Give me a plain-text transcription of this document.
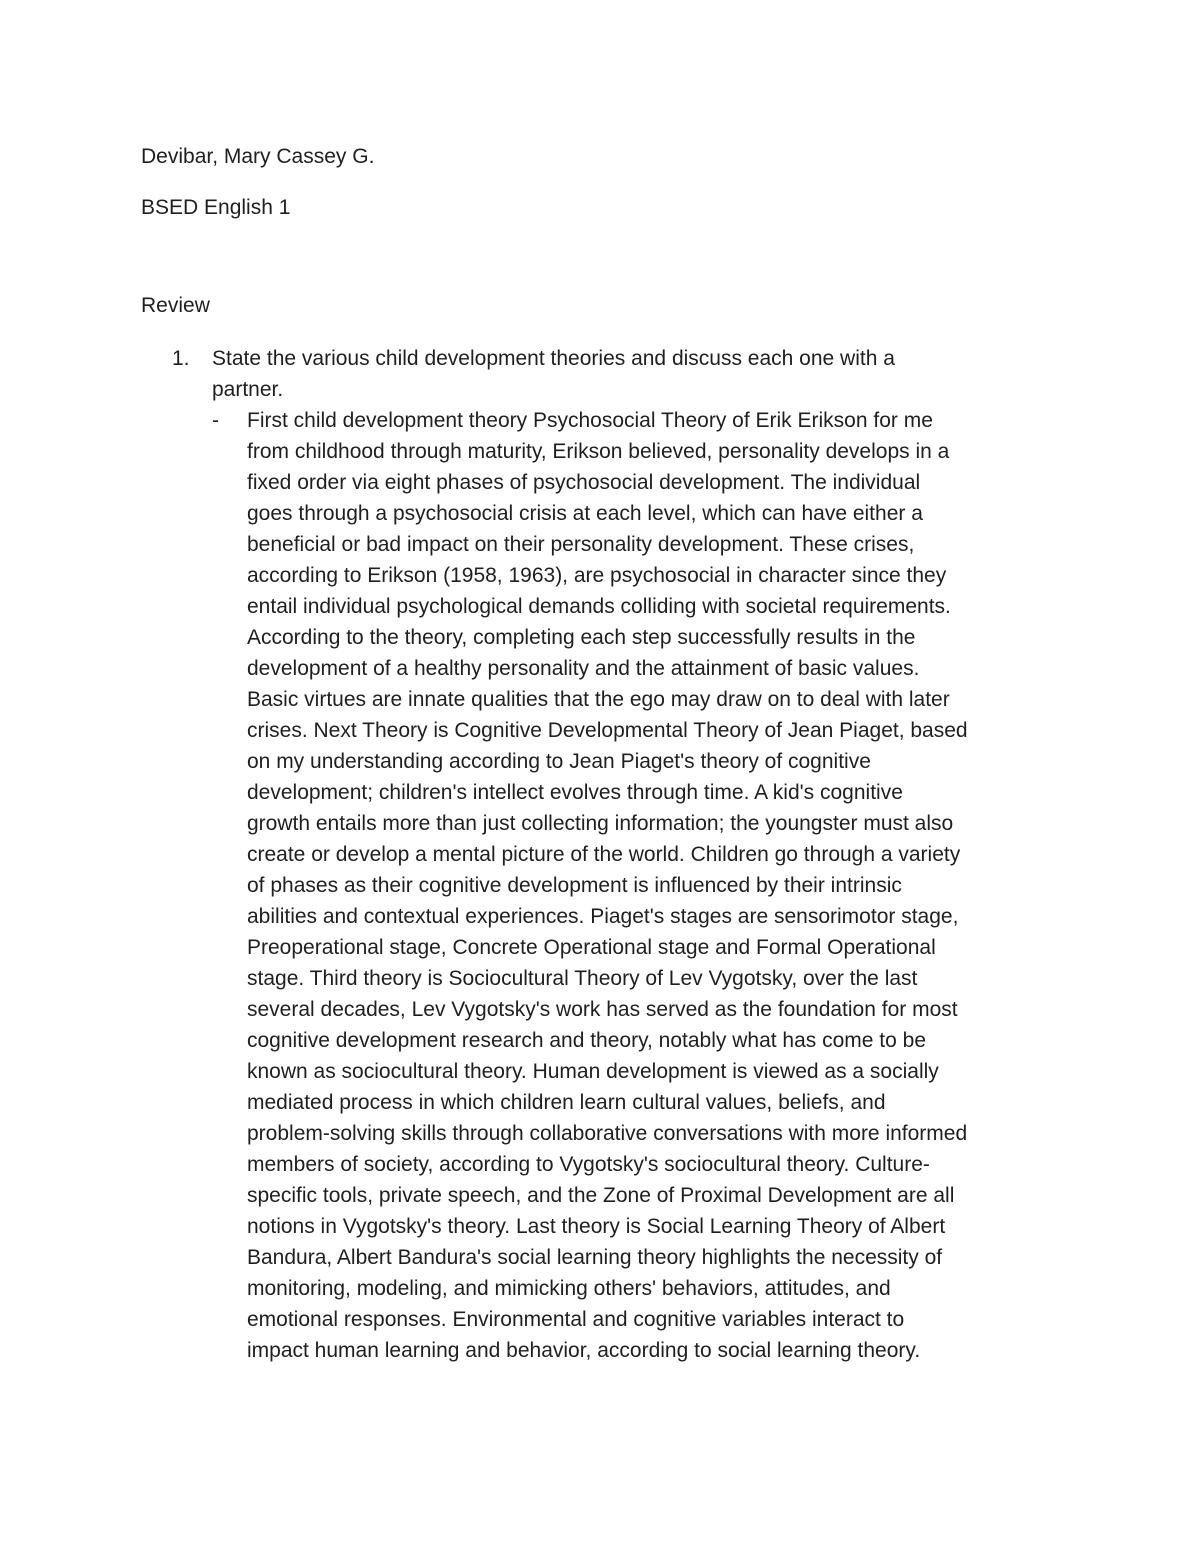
Devibar, Mary Cassey G.
BSED English 1
Review
1. State the various child development theories and discuss each one with a
partner.
- First child development theory Psychosocial Theory of Erik Erikson for me
from childhood through maturity, Erikson believed, personality develops in a
fixed order via eight phases of psychosocial development. The individual
goes through a psychosocial crisis at each level, which can have either a
beneficial or bad impact on their personality development. These crises,
according to Erikson (1958, 1963), are psychosocial in character since they
entail individual psychological demands colliding with societal requirements.
According to the theory, completing each step successfully results in the
development of a healthy personality and the attainment of basic values.
Basic virtues are innate qualities that the ego may draw on to deal with later
crises. Next Theory is Cognitive Developmental Theory of Jean Piaget, based
on my understanding according to Jean Piaget's theory of cognitive
development; children's intellect evolves through time. A kid's cognitive
growth entails more than just collecting information; the youngster must also
create or develop a mental picture of the world. Children go through a variety
of phases as their cognitive development is influenced by their intrinsic
abilities and contextual experiences. Piaget's stages are sensorimotor stage,
Preoperational stage, Concrete Operational stage and Formal Operational
stage. Third theory is Sociocultural Theory of Lev Vygotsky, over the last
several decades, Lev Vygotsky's work has served as the foundation for most
cognitive development research and theory, notably what has come to be
known as sociocultural theory. Human development is viewed as a socially
mediated process in which children learn cultural values, beliefs, and
problem-solving skills through collaborative conversations with more informed
members of society, according to Vygotsky's sociocultural theory. Culture-
specific tools, private speech, and the Zone of Proximal Development are all
notions in Vygotsky's theory. Last theory is Social Learning Theory of Albert
Bandura, Albert Bandura's social learning theory highlights the necessity of
monitoring, modeling, and mimicking others' behaviors, attitudes, and
emotional responses. Environmental and cognitive variables interact to
impact human learning and behavior, according to social learning theory.
